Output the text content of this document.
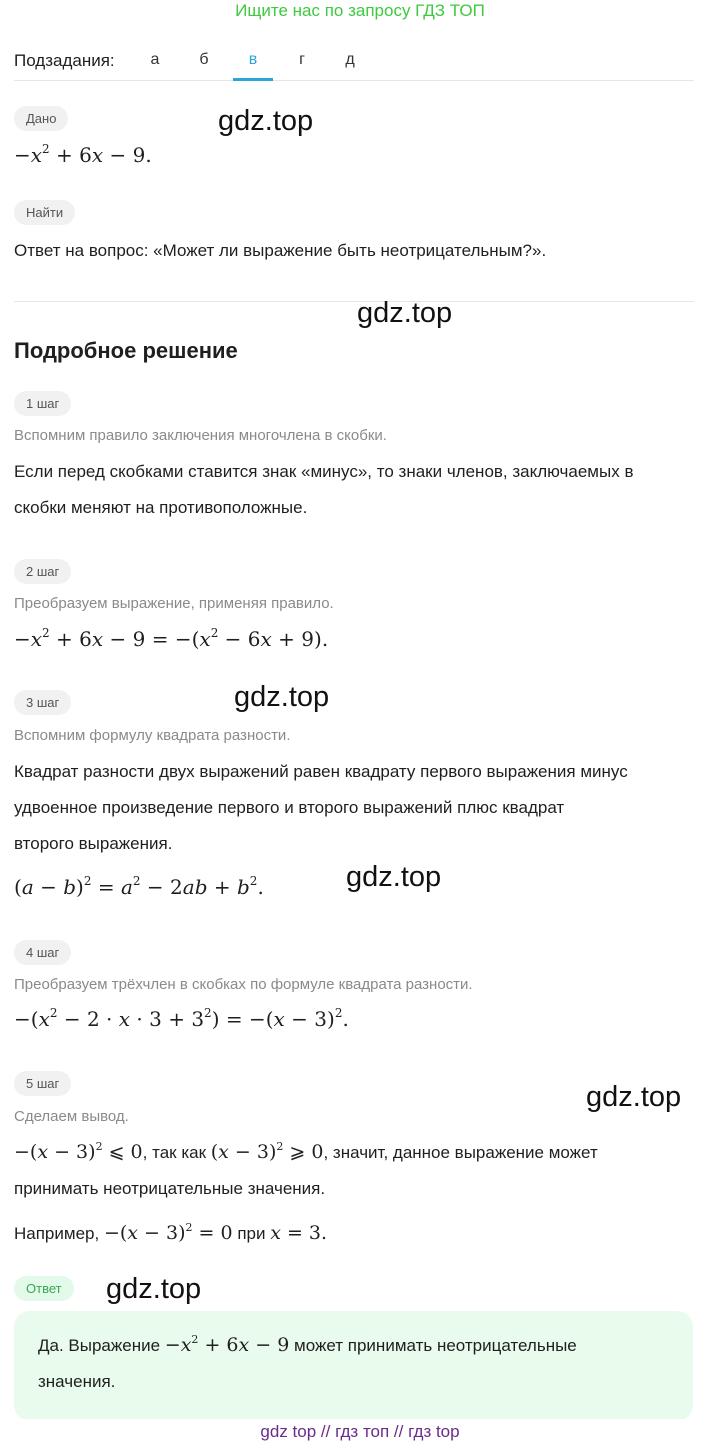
Ищите нас по запросу ГДЗ ТОП
Подзадания:	а	б	в	г	д
Дано
$-x^2 + 6x - 9$.
Найти
Ответ на вопрос: «Может ли выражение быть неотрицательным?».
Подробное решение
1 шаг
Вспомним правило заключения многочлена в скобки.
Если перед скобками ставится знак «минус», то знаки членов, заключаемых в
скобки меняют на противоположные.
2 шаг
Преобразуем выражение, применяя правило.
$-x^2 + 6x - 9 = -(x^2 - 6x + 9)$.
3 шаг
Вспомним формулу квадрата разности.
Квадрат разности двух выражений равен квадрату первого выражения минус
удвоенное произведение первого и второго выражений плюс квадрат
второго выражения.
$(a - b)^2 = a^2 - 2ab + b^2$.
4 шаг
Преобразуем трёхчлен в скобках по формуле квадрата разности.
$-(x^2 - 2 \cdot x \cdot 3 + 3^2) = -(x - 3)^2$.
5 шаг
Сделаем вывод.
$-(x - 3)^2$ ⩽ 0, так как $(x - 3)^2$ ⩾ 0, значит, данное выражение может
принимать неотрицательные значения.
Например, $-(x - 3)^2 = 0$ при x = 3.
Ответ
Да. Выражение $-x^2 + 6x - 9$ может принимать неотрицательные
значения.
gdz.top
gdz.top
gdz.top
gdz.top
gdz.top
gdz.top
gdz top // гдз топ // гдз top
